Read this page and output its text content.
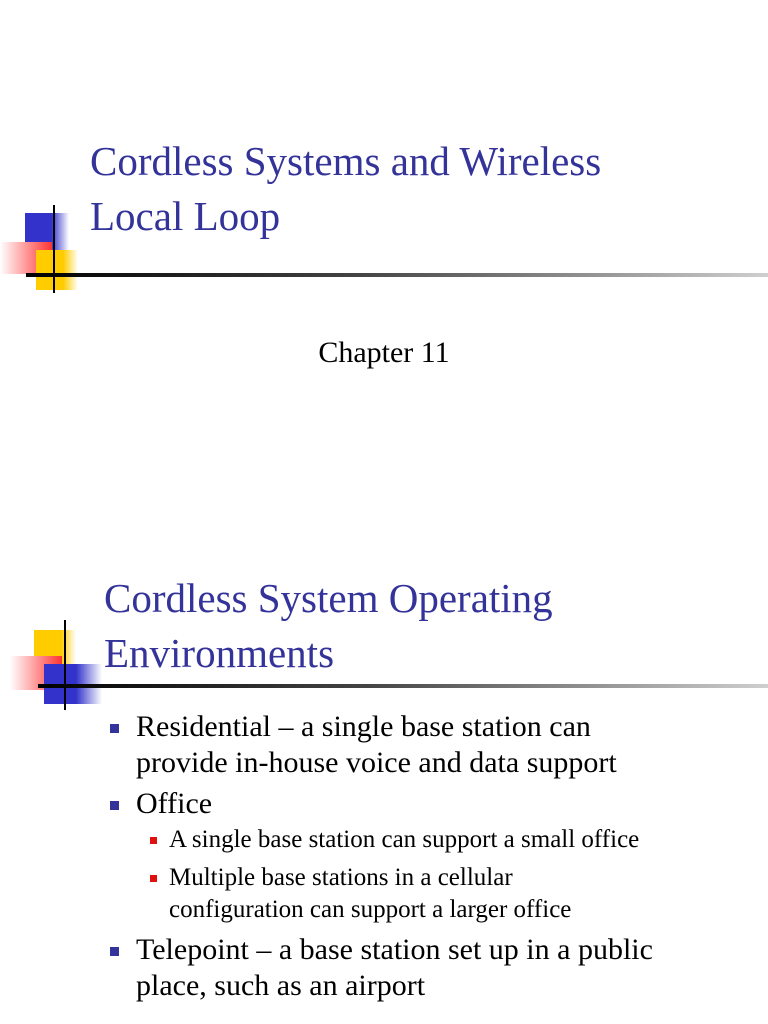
Cordless Systems and Wireless
Local Loop
Chapter 11
Cordless System Operating
Environments
Residential – a single base station can
provide in-house voice and data support
Office
A single base station can support a small office
Multiple base stations in a cellular
configuration can support a larger office
Telepoint – a base station set up in a public
place, such as an airport
